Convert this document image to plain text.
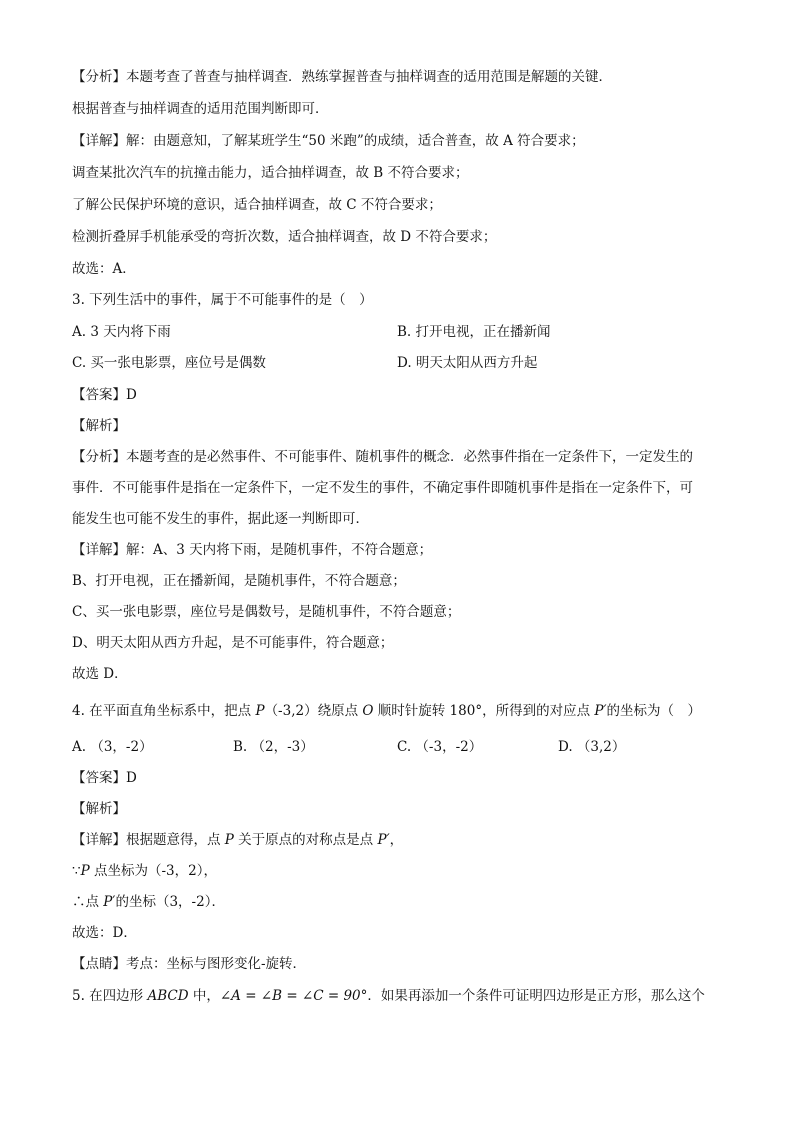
【分析】本题考查了普查与抽样调查．熟练掌握普查与抽样调查的适用范围是解题的关键．
根据普查与抽样调查的适用范围判断即可．
【详解】解：由题意知，了解某班学生“50 米跑”的成绩，适合普查，故 A 符合要求；
调查某批次汽车的抗撞击能力，适合抽样调查，故 B 不符合要求；
了解公民保护环境的意识，适合抽样调查，故 C 不符合要求；
检测折叠屏手机能承受的弯折次数，适合抽样调查，故 D 不符合要求；
故选：A．
3. 下列生活中的事件，属于不可能事件的是（　）
A. 3 天内将下雨	B. 打开电视，正在播新闻
C. 买一张电影票，座位号是偶数	D. 明天太阳从西方升起
【答案】D
【解析】
【分析】本题考查的是必然事件、不可能事件、随机事件的概念．必然事件指在一定条件下，一定发生的
事件．不可能事件是指在一定条件下，一定不发生的事件，不确定事件即随机事件是指在一定条件下，可
能发生也可能不发生的事件，据此逐一判断即可．
【详解】解：A、3 天内将下雨，是随机事件，不符合题意；
B、打开电视，正在播新闻，是随机事件，不符合题意；
C、买一张电影票，座位号是偶数号，是随机事件，不符合题意；
D、明天太阳从西方升起，是不可能事件，符合题意；
故选 D．
4. 在平面直角坐标系中，把点 P（-3,2）绕原点 O 顺时针旋转 180°，所得到的对应点 P′的坐标为（　）
A. （3，-2）	B. （2，-3）	C. （-3，-2）	D. （3,2）
【答案】D
【解析】
【详解】根据题意得，点 P 关于原点的对称点是点 P′，
∵P 点坐标为（-3，2），
∴点 P′的坐标（3，-2）．
故选：D．
【点睛】考点：坐标与图形变化-旋转．
5. 在四边形 ABCD 中，∠A = ∠B = ∠C = 90°．如果再添加一个条件可证明四边形是正方形，那么这个
